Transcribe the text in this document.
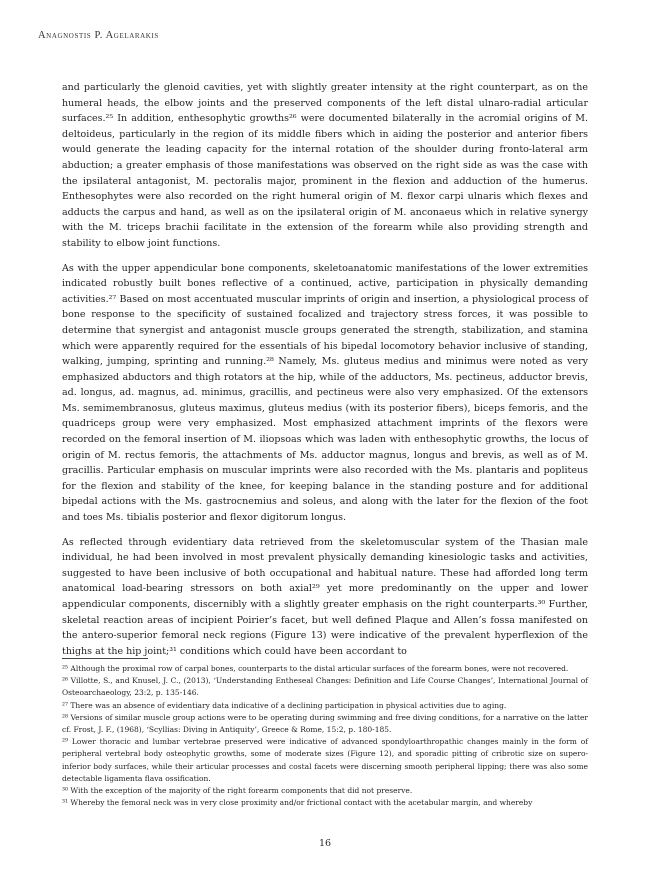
Anagnostis P. Agelarakis

and particularly the glenoid cavities, yet with slightly greater intensity at the right counterpart, as on the humeral heads, the elbow joints and the preserved components of the left distal ulnaro-radial articular surfaces.²⁵ In addition, enthesophytic growths²⁶ were documented bilaterally in the acromial origins of M. deltoideus, particularly in the region of its middle fibers which in aiding the posterior and anterior fibers would generate the leading capacity for the internal rotation of the shoulder during fronto-lateral arm abduction; a greater emphasis of those manifestations was observed on the right side as was the case with the ipsilateral antagonist, M. pectoralis major, prominent in the flexion and adduction of the humerus. Enthesophytes were also recorded on the right humeral origin of M. flexor carpi ulnaris which flexes and adducts the carpus and hand, as well as on the ipsilateral origin of M. anconaeus which in relative synergy with the M. triceps brachii facilitate in the extension of the forearm while also providing strength and stability to elbow joint functions.

As with the upper appendicular bone components, skeletoanatomic manifestations of the lower extremities indicated robustly built bones reflective of a continued, active, participation in physically demanding activities.²⁷ Based on most accentuated muscular imprints of origin and insertion, a physiological process of bone response to the specificity of sustained focalized and trajectory stress forces, it was possible to determine that synergist and antagonist muscle groups generated the strength, stabilization, and stamina which were apparently required for the essentials of his bipedal locomotory behavior inclusive of standing, walking, jumping, sprinting and running.²⁸ Namely, Ms. gluteus medius and minimus were noted as very emphasized abductors and thigh rotators at the hip, while of the adductors, Ms. pectineus, adductor brevis, ad. longus, ad. magnus, ad. minimus, gracillis, and pectineus were also very emphasized. Of the extensors Ms. semimembranosus, gluteus maximus, gluteus medius (with its posterior fibers), biceps femoris, and the quadriceps group were very emphasized. Most emphasized attachment imprints of the flexors were recorded on the femoral insertion of M. iliopsoas which was laden with enthesophytic growths, the locus of origin of M. rectus femoris, the attachments of Ms. adductor magnus, longus and brevis, as well as of M. gracillis. Particular emphasis on muscular imprints were also recorded with the Ms. plantaris and popliteus for the flexion and stability of the knee, for keeping balance in the standing posture and for additional bipedal actions with the Ms. gastrocnemius and soleus, and along with the later for the flexion of the foot and toes Ms. tibialis posterior and flexor digitorum longus.

As reflected through evidentiary data retrieved from the skeletomuscular system of the Thasian male individual, he had been involved in most prevalent physically demanding kinesiologic tasks and activities, suggested to have been inclusive of both occupational and habitual nature. These had afforded long term anatomical load-bearing stressors on both axial²⁹ yet more predominantly on the upper and lower appendicular components, discernibly with a slightly greater emphasis on the right counterparts.³⁰ Further, skeletal reaction areas of incipient Poirier’s facet, but well defined Plaque and Allen’s fossa manifested on the antero-superior femoral neck regions (Figure 13) were indicative of the prevalent hyperflexion of the thighs at the hip joint;³¹ conditions which could have been accordant to

²⁵ Although the proximal row of carpal bones, counterparts to the distal articular surfaces of the forearm bones, were not recovered.
²⁶ Villotte, S., and Knusel, J. C., (2013), ‘Understanding Entheseal Changes: Definition and Life Course Changes’, International Journal of Osteoarchaeology, 23:2, p. 135-146.
²⁷ There was an absence of evidentiary data indicative of a declining participation in physical activities due to aging.
²⁸ Versions of similar muscle group actions were to be operating during swimming and free diving conditions, for a narrative on the latter cf. Frost, J. F., (1968), ‘Scyllias: Diving in Antiquity’, Greece & Rome, 15:2, p. 180-185.
²⁹ Lower thoracic and lumbar vertebrae preserved were indicative of advanced spondyloarthropathic changes mainly in the form of peripheral vertebral body osteophytic growths, some of moderate sizes (Figure 12), and sporadic pitting of cribrotic size on supero-inferior body surfaces, while their articular processes and costal facets were discerning smooth peripheral lipping; there was also some detectable ligamenta flava ossification.
³⁰ With the exception of the majority of the right forearm components that did not preserve.
³¹ Whereby the femoral neck was in very close proximity and/or frictional contact with the acetabular margin, and whereby
16
